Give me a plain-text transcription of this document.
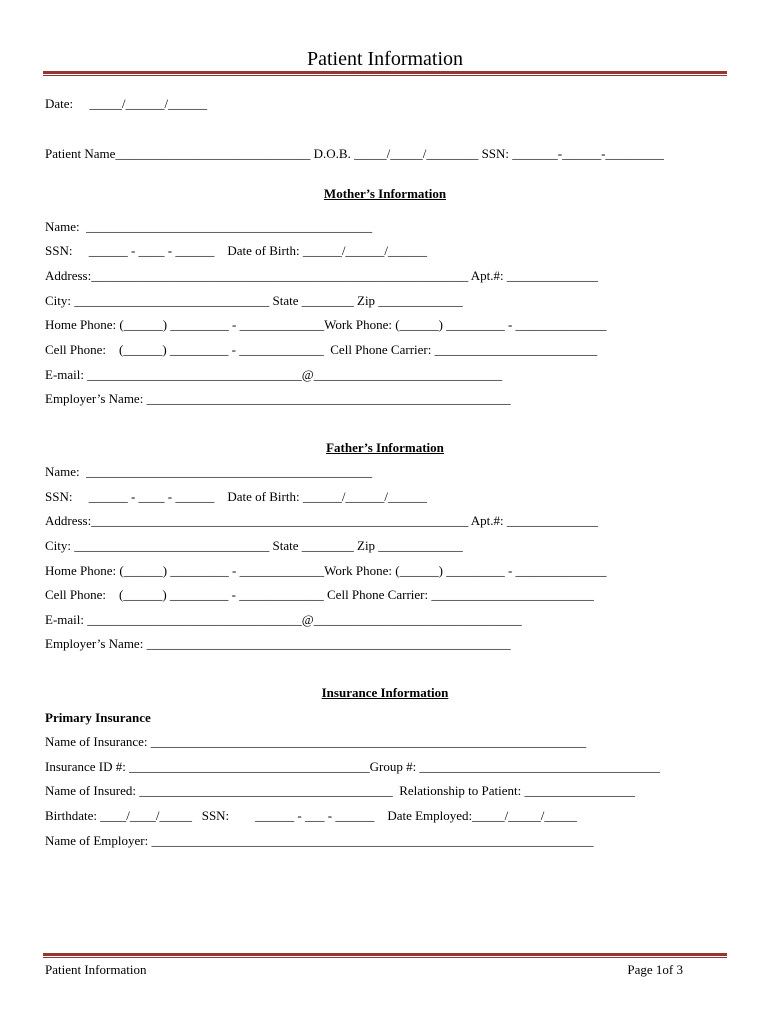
Patient Information
Date:     _____/______/______
Patient Name______________________________ D.O.B. _____/_____/________ SSN: _______-______-_________
Mother’s Information
Name:  ____________________________________________
SSN:     ______ - ____ - ______    Date of Birth: ______/______/______
Address:__________________________________________________________ Apt.#: ______________
City: ______________________________ State ________ Zip _____________
Home Phone: (______) _________ - _____________Work Phone: (______) _________ - ______________
Cell Phone:    (______) _________ - _____________  Cell Phone Carrier: _________________________
E-mail: _________________________________@_____________________________
Employer’s Name: ________________________________________________________
Father’s Information
Name:  ____________________________________________
SSN:     ______ - ____ - ______    Date of Birth: ______/______/______
Address:__________________________________________________________ Apt.#: ______________
City: ______________________________ State ________ Zip _____________
Home Phone: (______) _________ - _____________Work Phone: (______) _________ - ______________
Cell Phone:    (______) _________ - _____________ Cell Phone Carrier: _________________________
E-mail: _________________________________@________________________________
Employer’s Name: ________________________________________________________
Insurance Information
Primary Insurance
Name of Insurance: ___________________________________________________________________
Insurance ID #: _____________________________________Group #: _____________________________________
Name of Insured: _______________________________________  Relationship to Patient: _________________
Birthdate: ____/____/_____   SSN:        ______ - ___ - ______    Date Employed:_____/_____/_____
Name of Employer: ____________________________________________________________________
Patient Information	Page 1of 3
